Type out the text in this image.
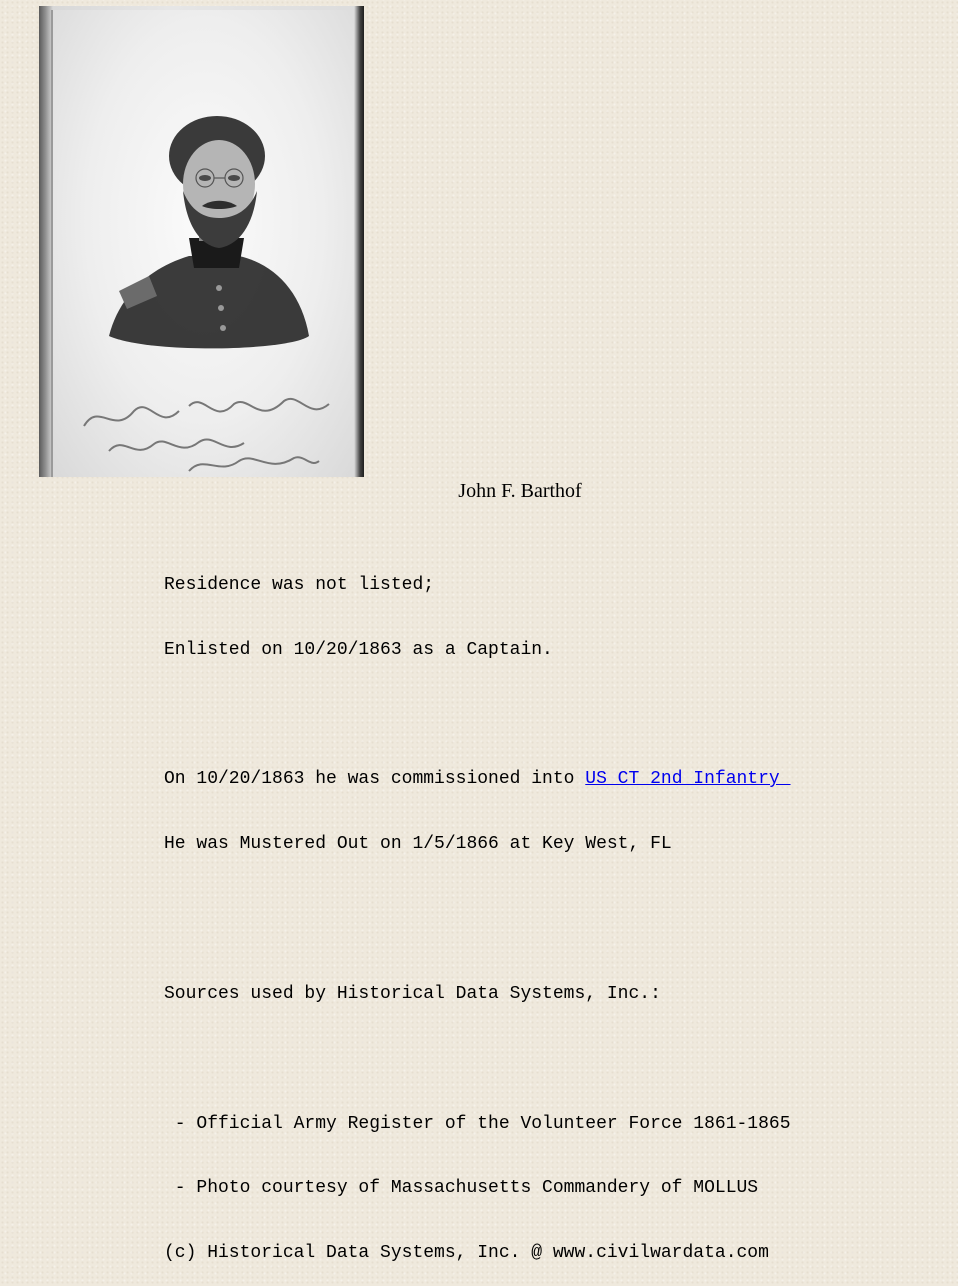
John F. Barthof

Residence was not listed;

Enlisted on 10/20/1863 as a Captain.

On 10/20/1863 he was commissioned into US CT 2nd Infantry

He was Mustered Out on 1/5/1866 at Key West, FL

Sources used by Historical Data Systems, Inc.:

- Official Army Register of the Volunteer Force 1861-1865

- Photo courtesy of Massachusetts Commandery of MOLLUS

(c) Historical Data Systems, Inc. @ www.civilwardata.com
